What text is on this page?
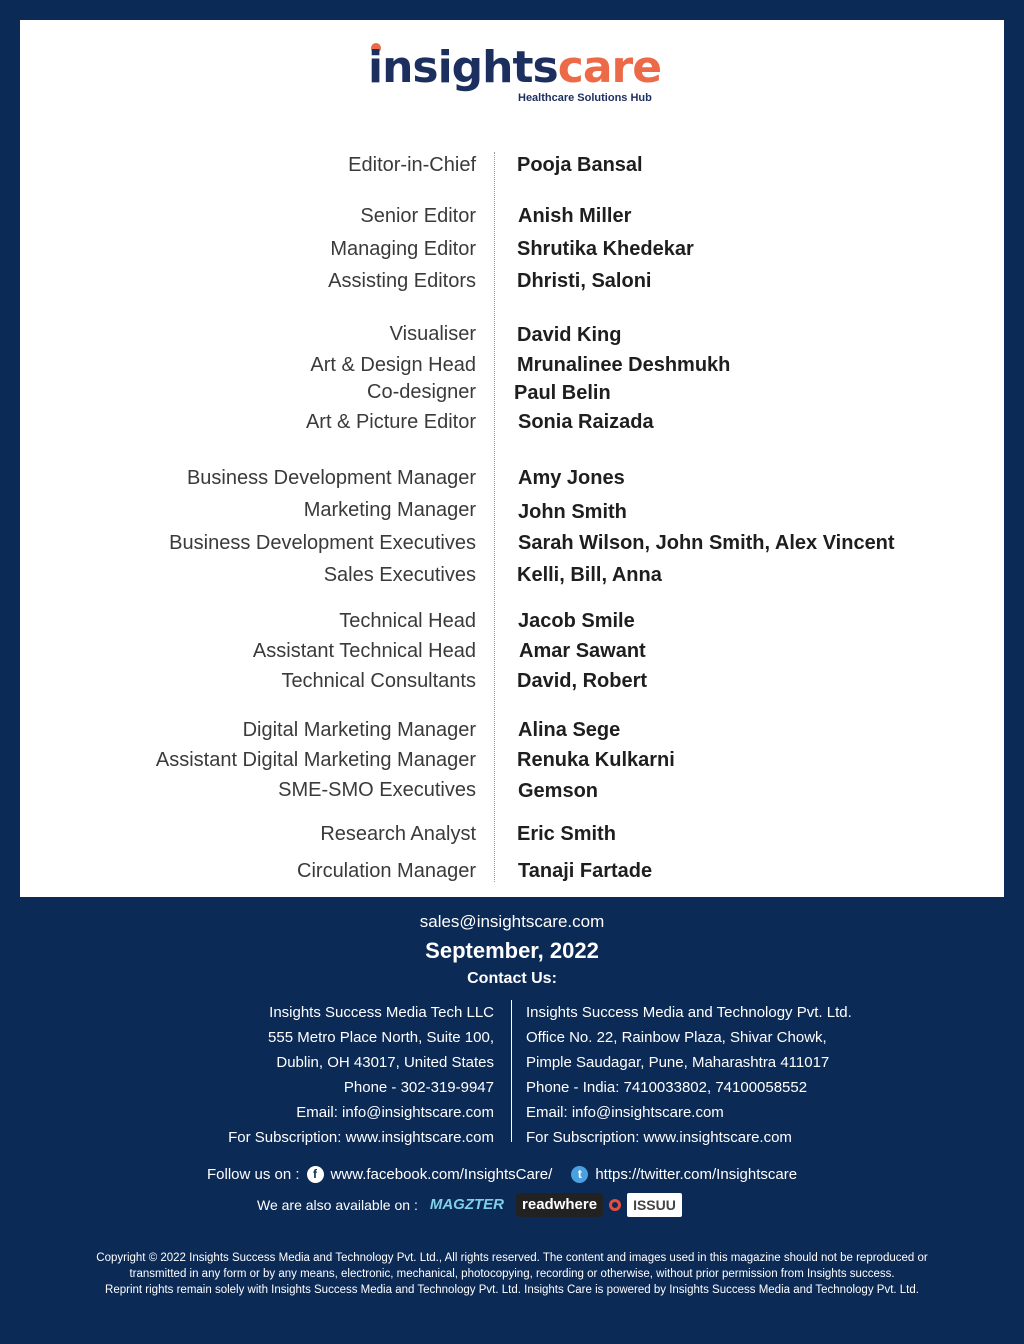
insightscare
Healthcare Solutions Hub
Editor-in-Chief Pooja Bansal
Senior Editor Anish Miller
Managing Editor Shrutika Khedekar
Assisting Editors Dhristi, Saloni
Visualiser David King
Art & Design Head Mrunalinee Deshmukh
Co-designer Paul Belin
Art & Picture Editor Sonia Raizada
Business Development Manager Amy Jones
Marketing Manager John Smith
Business Development Executives Sarah Wilson, John Smith, Alex Vincent
Sales Executives Kelli, Bill, Anna
Technical Head Jacob Smile
Assistant Technical Head Amar Sawant
Technical Consultants David, Robert
Digital Marketing Manager Alina Sege
Assistant Digital Marketing Manager Renuka Kulkarni
SME-SMO Executives Gemson
Research Analyst Eric Smith
Circulation Manager Tanaji Fartade
sales@insightscare.com
September, 2022
Contact Us:
Insights Success Media Tech LLC
555 Metro Place North, Suite 100,
Dublin, OH 43017, United States
Phone - 302-319-9947
Email: info@insightscare.com
For Subscription: www.insightscare.com
Insights Success Media and Technology Pvt. Ltd.
Office No. 22, Rainbow Plaza, Shivar Chowk,
Pimple Saudagar, Pune, Maharashtra 411017
Phone - India: 7410033802, 74100058552
Email: info@insightscare.com
For Subscription: www.insightscare.com
Follow us on :	f www.facebook.com/InsightsCare/	t https://twitter.com/Insightscare
We are also available on : MAGZTER	readwhere	ISSUU
Copyright © 2022 Insights Success Media and Technology Pvt. Ltd., All rights reserved. The content and images used in this magazine should not be reproduced or
transmitted in any form or by any means, electronic, mechanical, photocopying, recording or otherwise, without prior permission from Insights success.
Reprint rights remain solely with Insights Success Media and Technology Pvt. Ltd. Insights Care is powered by Insights Success Media and Technology Pvt. Ltd.
